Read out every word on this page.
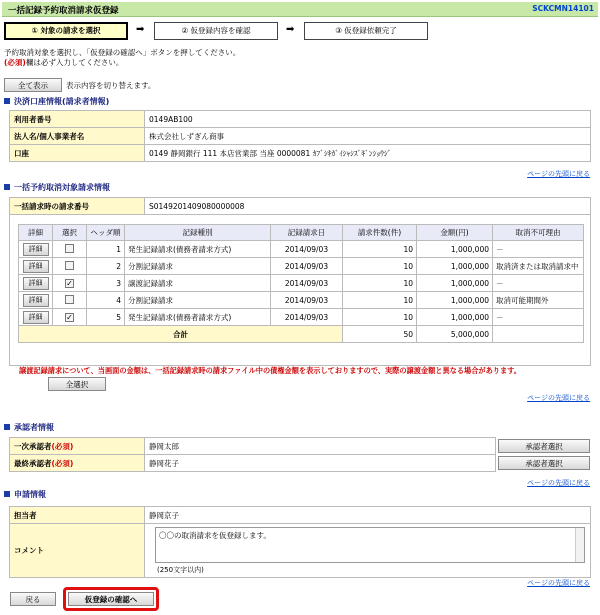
一括記録予約取消請求仮登録	SCKCMN14101
① 対象の請求を選択	➡	② 仮登録内容を確認	➡	③ 仮登録依頼完了
予約取消対象を選択し、「仮登録の確認へ」ボタンを押してください。
(必須)欄は必ず入力してください。
全て表示	表示内容を切り替えます。
決済口座情報(請求者情報)
利用者番号	0149AB100
法人名/個人事業者名	株式会社しずぎん商事
口座	0149 静岡銀行 111 本店営業部 当座 0000081 ｶﾌﾞｼｷｶﾞｲｼｬｼｽﾞｷﾞﾝｼｮｳｼﾞ
ページの先頭に戻る
一括予約取消対象請求情報
一括請求時の請求番号	S0149201409080000008
詳細	選択	ヘッダ順	記録種別	記録請求日	請求件数(件)	金額(円)	取消不可理由

詳細		1	発生記録請求(債務者請求方式)	2014/09/03	10	1,000,000	－

詳細		2	分割記録請求	2014/09/03	10	1,000,000	取消済または取消請求中

詳細	✓	3	譲渡記録請求	2014/09/03	10	1,000,000	－

詳細		4	分割記録請求	2014/09/03	10	1,000,000	取消可能期間外

詳細	✓	5	発生記録請求(債務者請求方式)	2014/09/03	10	1,000,000	－
合計					50	5,000,000	
譲渡記録請求について、当画面の金額は、一括記録請求時の請求ファイル中の債権金額を表示しておりますので、実際の譲渡金額と異なる場合があります。
全選択
ページの先頭に戻る
承認者情報
一次承認者(必須)	静岡太郎	承認者選択
最終承認者(必須)	静岡花子	承認者選択
ページの先頭に戻る
申請情報
担当者	静岡京子
コメント	
〇〇の取消請求を仮登録します。
(250文字以内)
ページの先頭に戻る
戻る	仮登録の確認へ
